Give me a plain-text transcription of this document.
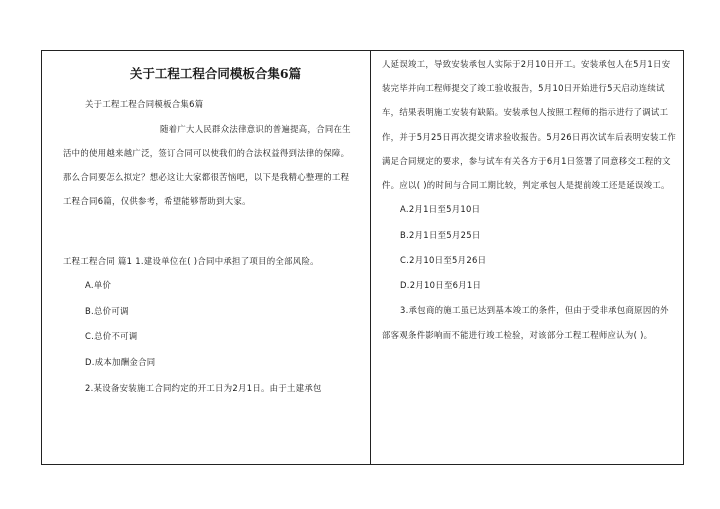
关于工程工程合同模板合集6篇
关于工程工程合同模板合集6篇

随着广大人民群众法律意识的普遍提高，合同在生活中的使用越来越广泛，签订合同可以使我们的合法权益得到法律的保障。那么合同要怎么拟定？想必这让大家都很苦恼吧，以下是我精心整理的工程工程合同6篇，仅供参考，希望能够帮助到大家。

工程工程合同 篇1 1.建设单位在( )合同中承担了项目的全部风险。

A.单价
B.总价可调
C.总价不可调
D.成本加酬金合同
2.某设备安装施工合同约定的开工日为2月1日。由于土建承包

人延误竣工，导致安装承包人实际于2月10日开工。安装承包人在5月1日安装完毕并向工程师提交了竣工验收报告，5月10日开始进行5天启动连续试车，结果表明施工安装有缺陷。安装承包人按照工程师的指示进行了调试工作，并于5月25日再次提交请求验收报告。5月26日再次试车后表明安装工作满足合同规定的要求，参与试车有关各方于6月1日签署了同意移交工程的文件。应以( )的时间与合同工期比较，判定承包人是提前竣工还是延误竣工。

A.2月1日至5月10日
B.2月1日至5月25日
C.2月10日至5月26日
D.2月10日至6月1日

3.承包商的施工虽已达到基本竣工的条件，但由于受非承包商原因的外部客观条件影响而不能进行竣工检验，对该部分工程工程师应认为( )。
